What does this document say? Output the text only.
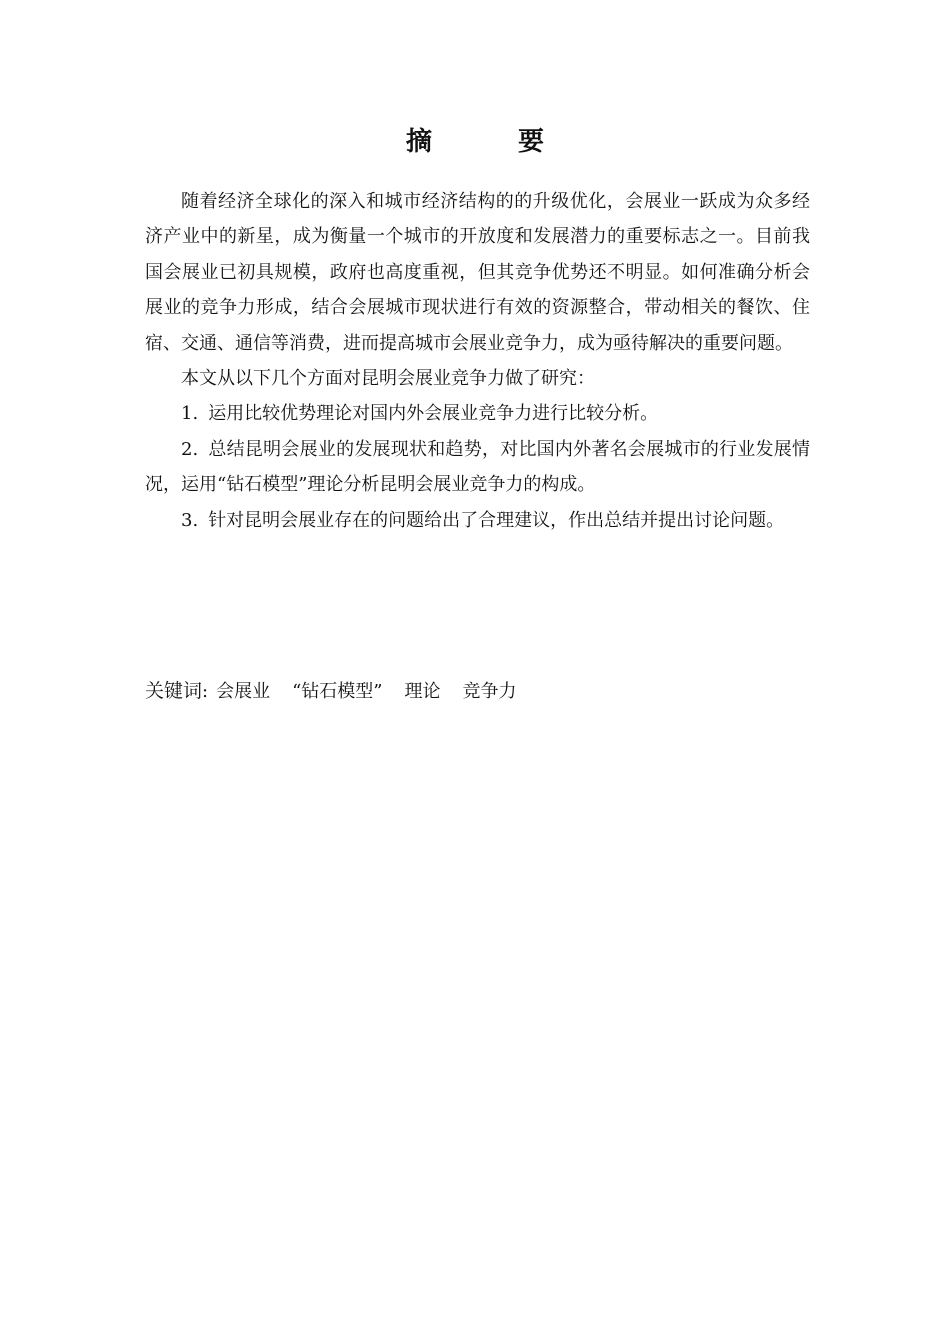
摘　要

随着经济全球化的深入和城市经济结构的的升级优化，会展业一跃成为众多经济产业中的新星，成为衡量一个城市的开放度和发展潜力的重要标志之一。目前我国会展业已初具规模，政府也高度重视，但其竞争优势还不明显。如何准确分析会展业的竞争力形成，结合会展城市现状进行有效的资源整合，带动相关的餐饮、住宿、交通、通信等消费，进而提高城市会展业竞争力，成为亟待解决的重要问题。

本文从以下几个方面对昆明会展业竞争力做了研究：

1. 运用比较优势理论对国内外会展业竞争力进行比较分析。

2. 总结昆明会展业的发展现状和趋势，对比国内外著名会展城市的行业发展情况，运用“钻石模型”理论分析昆明会展业竞争力的构成。

3. 针对昆明会展业存在的问题给出了合理建议，作出总结并提出讨论问题。

关键词: 会展业 “钻石模型” 理论 竞争力
